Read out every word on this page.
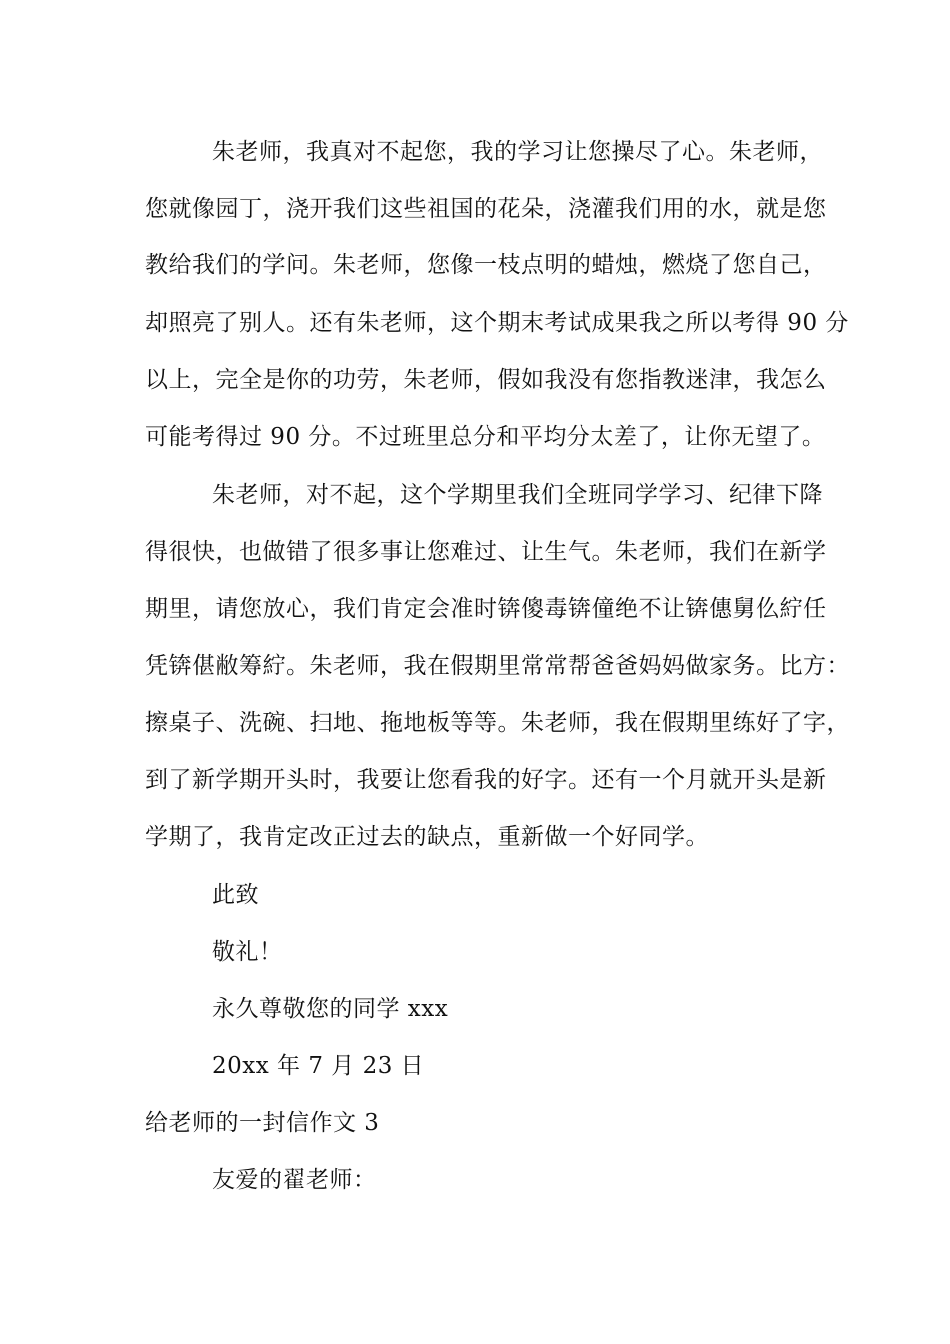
朱老师，我真对不起您，我的学习让您操尽了心。朱老师，
您就像园丁，浇开我们这些祖国的花朵，浇灌我们用的水，就是您
教给我们的学问。朱老师，您像一枝点明的蜡烛，燃烧了您自己，
却照亮了别人。还有朱老师，这个期末考试成果我之所以考得 90 分
以上，完全是你的功劳，朱老师，假如我没有您指教迷津，我怎么
可能考得过 90 分。不过班里总分和平均分太差了，让你无望了。
朱老师，对不起，这个学期里我们全班同学学习、纪律下降
得很快，也做错了很多事让您难过、让生气。朱老师，我们在新学
期里，请您放心，我们肯定会准时锛傻毒锛僮绝不让锛僡舅仫紵任
凭锛偡敝筹紵。朱老师，我在假期里常常帮爸爸妈妈做家务。比方：
擦桌子、洗碗、扫地、拖地板等等。朱老师，我在假期里练好了字，
到了新学期开头时，我要让您看我的好字。还有一个月就开头是新
学期了，我肯定改正过去的缺点，重新做一个好同学。
此致
敬礼！
永久尊敬您的同学 xxx
20xx 年 7 月 23 日
给老师的一封信作文 3
友爱的翟老师：
